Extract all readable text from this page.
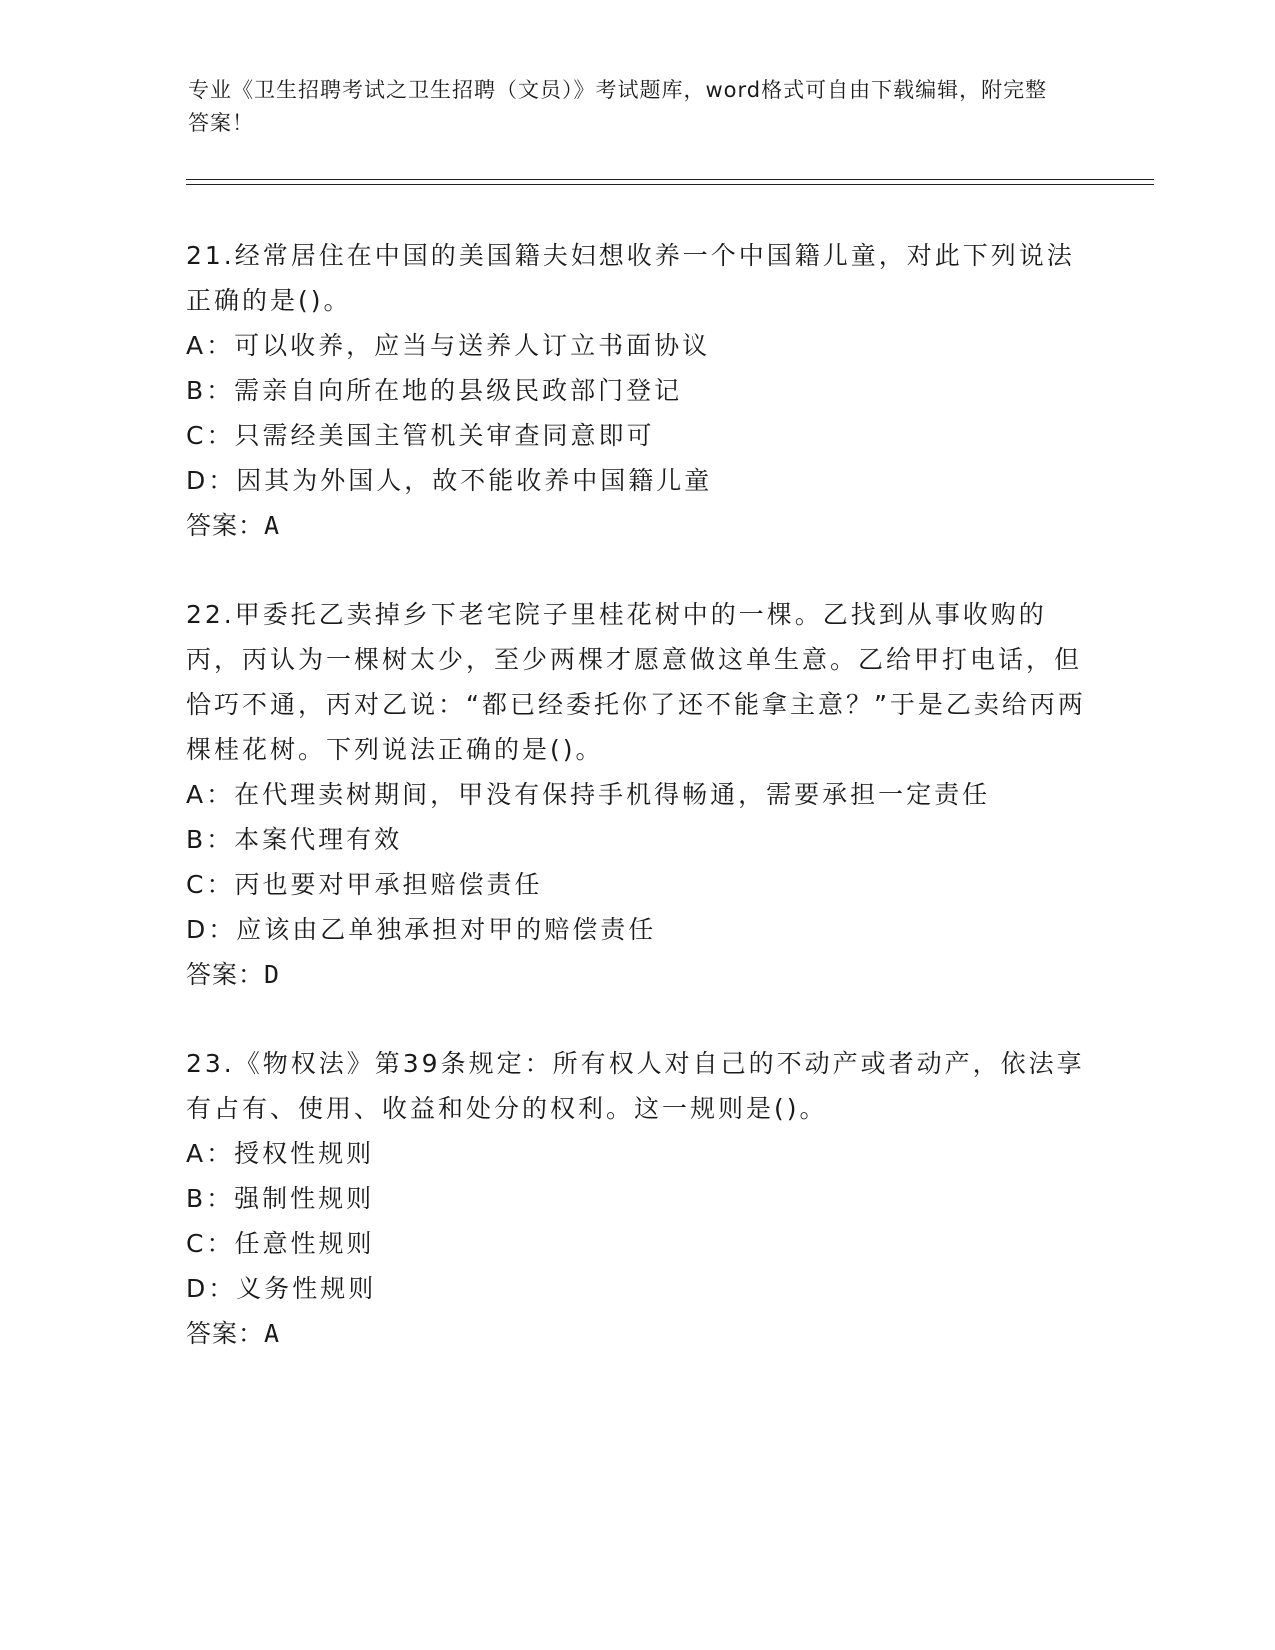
专业《卫生招聘考试之卫生招聘（文员）》考试题库，word格式可自由下载编辑，附完整答案！

21.经常居住在中国的美国籍夫妇想收养一个中国籍儿童，对此下列说法正确的是()。

A：可以收养，应当与送养人订立书面协议

B：需亲自向所在地的县级民政部门登记

C：只需经美国主管机关审查同意即可

D：因其为外国人，故不能收养中国籍儿童

答案：A

22.甲委托乙卖掉乡下老宅院子里桂花树中的一棵。乙找到从事收购的丙，丙认为一棵树太少，至少两棵才愿意做这单生意。乙给甲打电话，但恰巧不通，丙对乙说：“都已经委托你了还不能拿主意？”于是乙卖给丙两棵桂花树。下列说法正确的是()。

A：在代理卖树期间，甲没有保持手机得畅通，需要承担一定责任

B：本案代理有效

C：丙也要对甲承担赔偿责任

D：应该由乙单独承担对甲的赔偿责任

答案：D

23.《物权法》第39条规定：所有权人对自己的不动产或者动产，依法享有占有、使用、收益和处分的权利。这一规则是()。

A：授权性规则

B：强制性规则

C：任意性规则

D：义务性规则

答案：A
